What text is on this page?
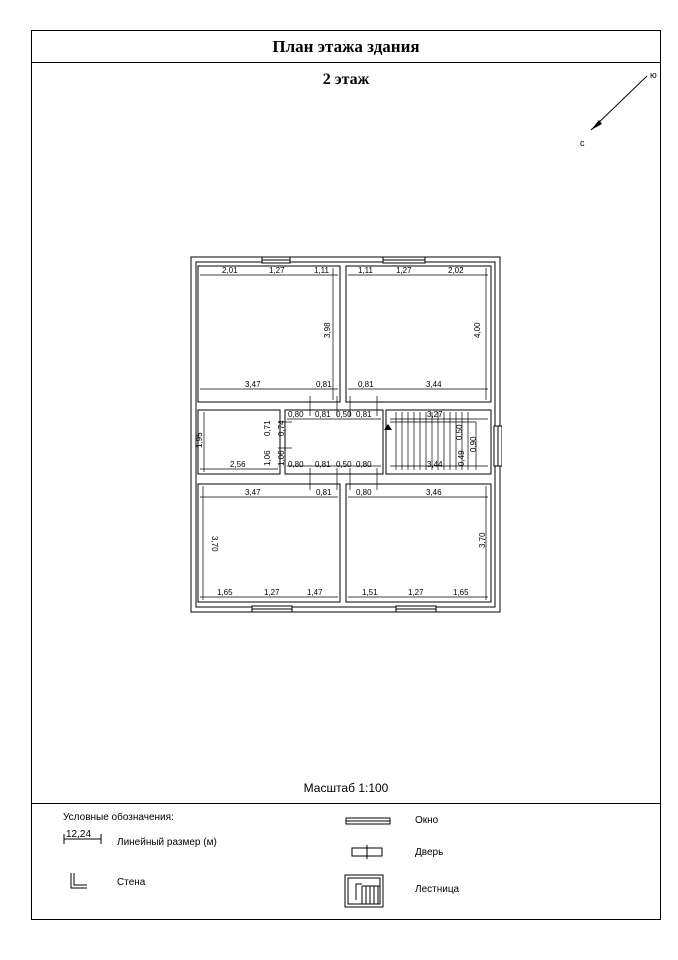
План этажа здания
2 этаж
Масштаб 1:100
Условные обозначения:
12,24
Линейный размер (м)
Стена
Окно
Дверь
Лестница
ю
с
2,01	1,27	1,11
3,98
3,47	0,81
1,11	1,27	2,02
4,00
0,81	3,44
0,80 0,81 0,50 0,81
1,95
2,56
0,71 0,74
1,06 1,06 0,80 0,81 0,50 0,80
3,27
0,50
0,49
0,90
3,44
3,47	0,81
3,70
1,65	1,27	1,47
0,80	3,46
3,70
1,51	1,27	1,65
